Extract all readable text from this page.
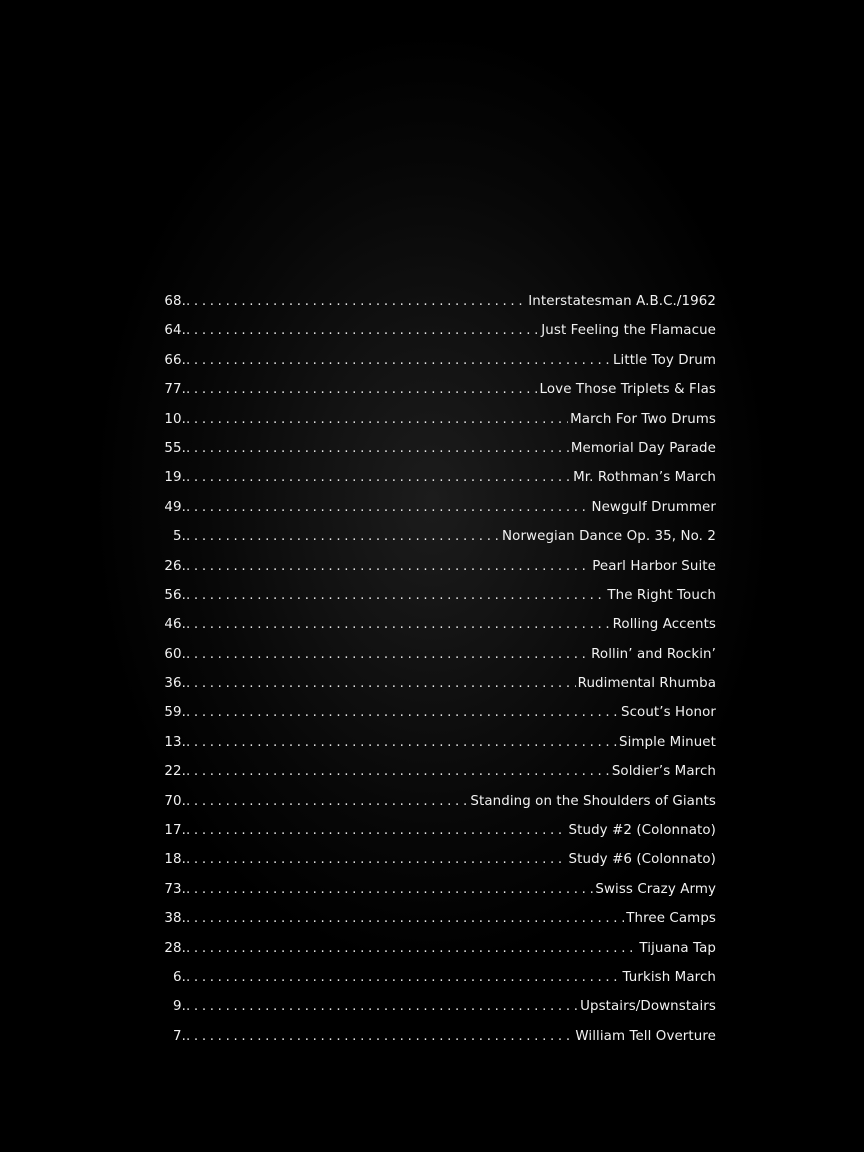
68. . . .	Interstatesman A.B.C./1962
64. . . .	Just Feeling the Flamacue
66. . . .	Little Toy Drum
77. . . .	Love Those Triplets & Flas
10. . . .	March For Two Drums
55. . . .	Memorial Day Parade
19. . . .	Mr. Rothman’s March
49. . . .	Newgulf Drummer
5. . . .	Norwegian Dance Op. 35, No. 2
26. . . .	Pearl Harbor Suite
56. . . .	The Right Touch
46. . . .	Rolling Accents
60. . . .	Rollin’ and Rockin’
36. . . .	Rudimental Rhumba
59. . . .	Scout’s Honor
13. . . .	Simple Minuet
22. . . .	Soldier’s March
70. . . .	Standing on the Shoulders of Giants
17. . . .	Study #2 (Colonnato)
18. . . .	Study #6 (Colonnato)
73. . . .	Swiss Crazy Army
38. . . .	Three Camps
28. . . .	Tijuana Tap
6. . . .	Turkish March
9. . . .	Upstairs/Downstairs
7. . . .	William Tell Overture
